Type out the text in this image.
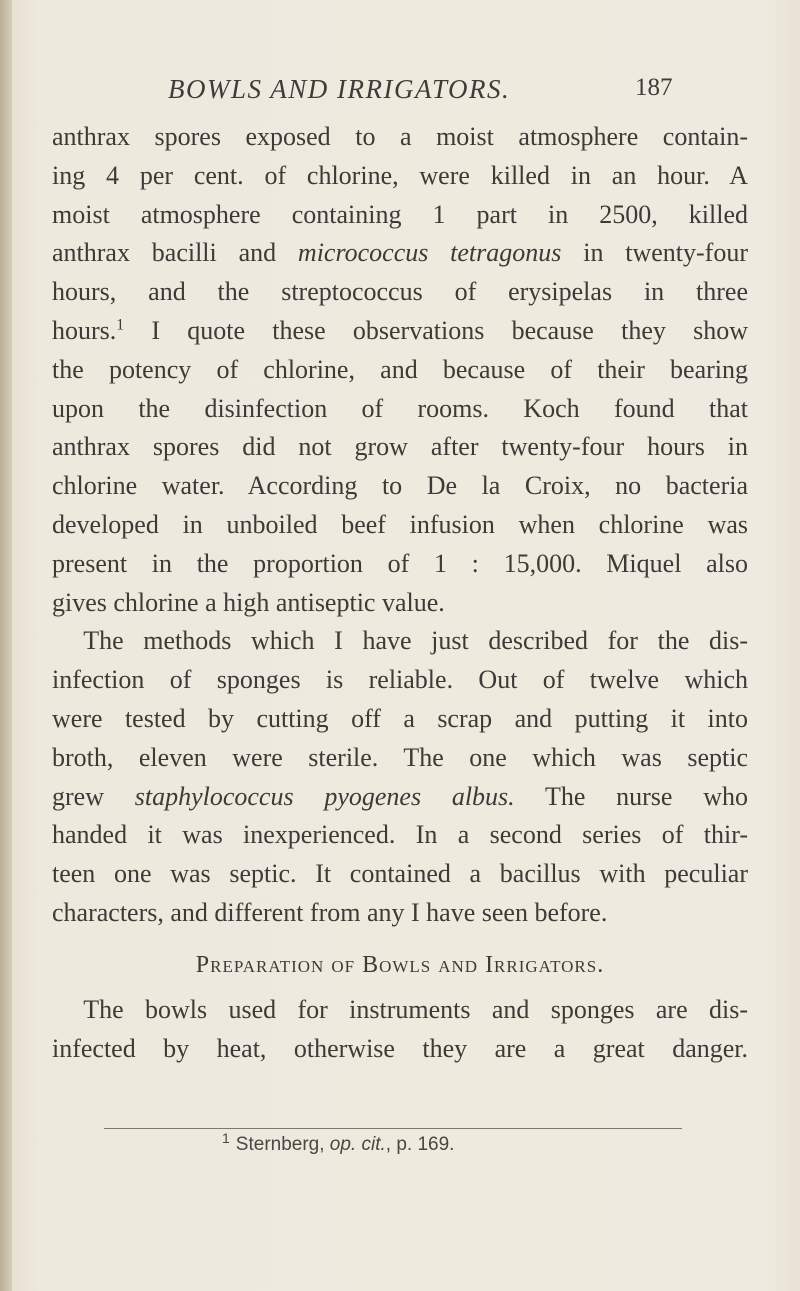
BOWLS AND IRRIGATORS.	187
anthrax spores exposed to a moist atmosphere contain-
ing 4 per cent. of chlorine, were killed in an hour. A
moist atmosphere containing 1 part in 2500, killed
anthrax bacilli and micrococcus tetragonus in twenty-four
hours, and the streptococcus of erysipelas in three
hours.$^1$ I quote these observations because they show
the potency of chlorine, and because of their bearing
upon the disinfection of rooms. Koch found that
anthrax spores did not grow after twenty-four hours in
chlorine water. According to De la Croix, no bacteria
developed in unboiled beef infusion when chlorine was
present in the proportion of 1 : 15,000. Miquel also
gives chlorine a high antiseptic value.
The methods which I have just described for the dis-
infection of sponges is reliable. Out of twelve which
were tested by cutting off a scrap and putting it into
broth, eleven were sterile. The one which was septic
grew staphylococcus pyogenes albus. The nurse who
handed it was inexperienced. In a second series of thir-
teen one was septic. It contained a bacillus with peculiar
characters, and different from any I have seen before.
Preparation of Bowls and Irrigators.
The bowls used for instruments and sponges are dis-
infected by heat, otherwise they are a great danger.
$^1$ Sternberg, op. cit., p. 169.
